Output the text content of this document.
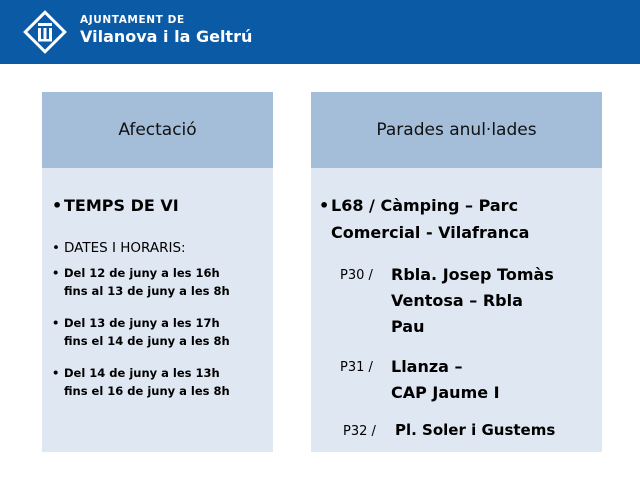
AJUNTAMENT DE
Vilanova i la Geltrú
Afectació
• TEMPS DE VI
• DATES I HORARIS:
• Del 12 de juny a les 16h
fins al 13 de juny a les 8h
• Del 13 de juny a les 17h
fins el 14 de juny a les 8h
• Del 14 de juny a les 13h
fins el 16 de juny a les 8h
Parades anul·lades
• L68 / Càmping – Parc
Comercial - Vilafranca
P30 / Rbla. Josep Tomàs
Ventosa – Rbla
Pau
P31 / Llanza –
CAP Jaume I
P32 / Pl. Soler i Gustems
